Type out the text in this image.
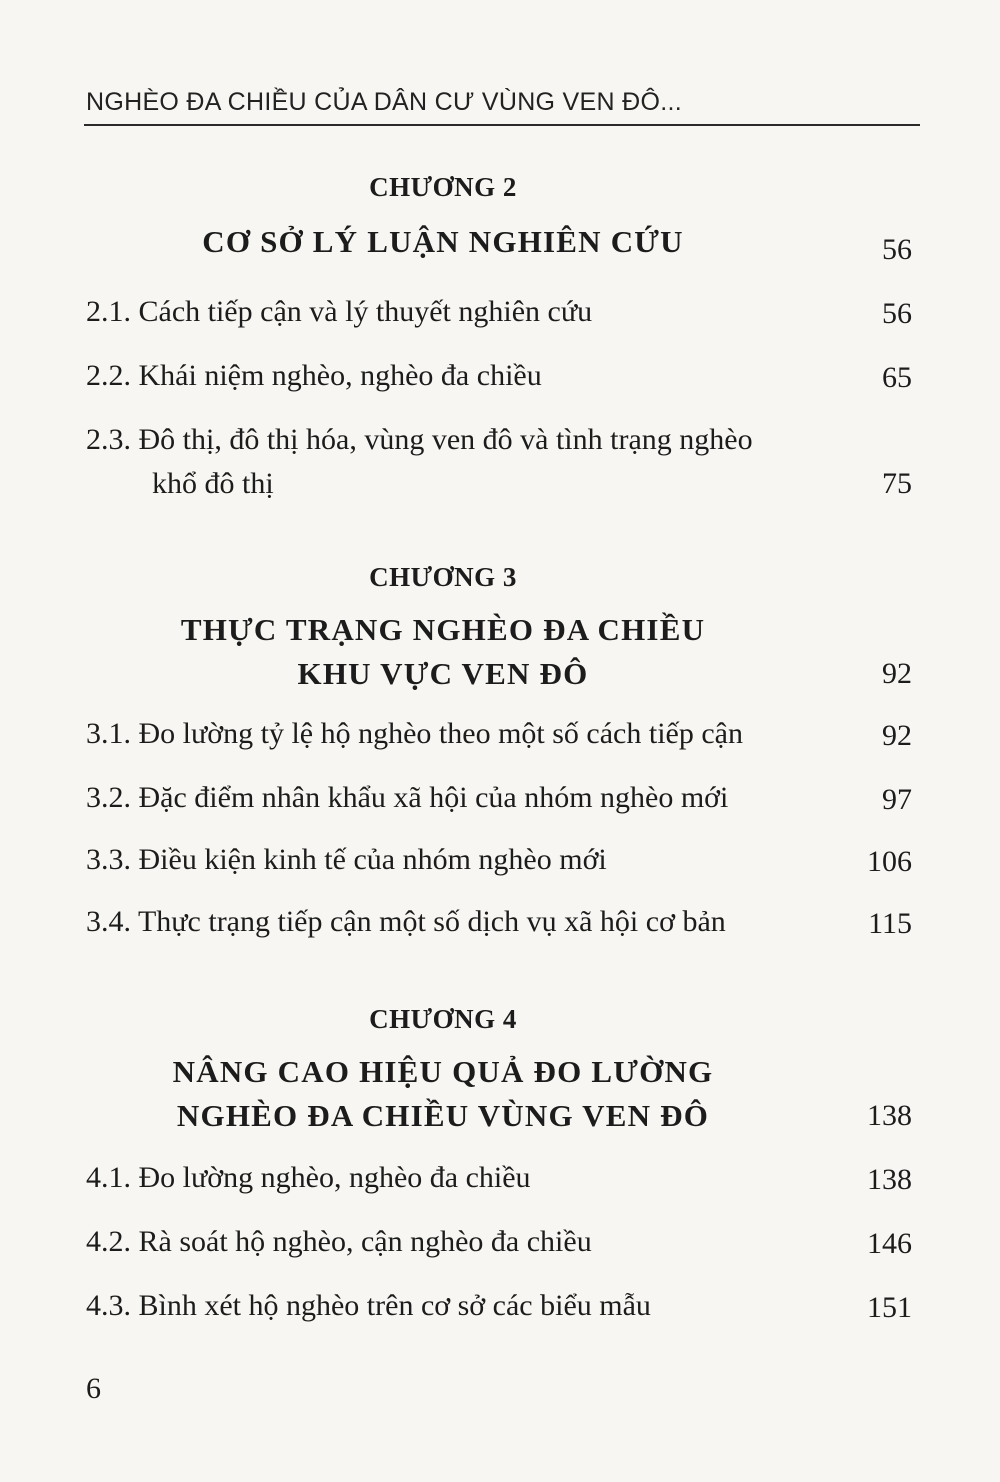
NGHÈO ĐA CHIỀU CỦA DÂN CƯ VÙNG VEN ĐÔ...
CHƯƠNG 2
CƠ SỞ LÝ LUẬN NGHIÊN CỨU	56
2.1. Cách tiếp cận và lý thuyết nghiên cứu	56
2.2. Khái niệm nghèo, nghèo đa chiều	65
2.3. Đô thị, đô thị hóa, vùng ven đô và tình trạng nghèo
khổ đô thị	75
CHƯƠNG 3
THỰC TRẠNG NGHÈO ĐA CHIỀU
KHU VỰC VEN ĐÔ	92
3.1. Đo lường tỷ lệ hộ nghèo theo một số cách tiếp cận	92
3.2. Đặc điểm nhân khẩu xã hội của nhóm nghèo mới	97
3.3. Điều kiện kinh tế của nhóm nghèo mới	106
3.4. Thực trạng tiếp cận một số dịch vụ xã hội cơ bản	115
CHƯƠNG 4
NÂNG CAO HIỆU QUẢ ĐO LƯỜNG
NGHÈO ĐA CHIỀU VÙNG VEN ĐÔ	138
4.1. Đo lường nghèo, nghèo đa chiều	138
4.2. Rà soát hộ nghèo, cận nghèo đa chiều	146
4.3. Bình xét hộ nghèo trên cơ sở các biểu mẫu	151
6
